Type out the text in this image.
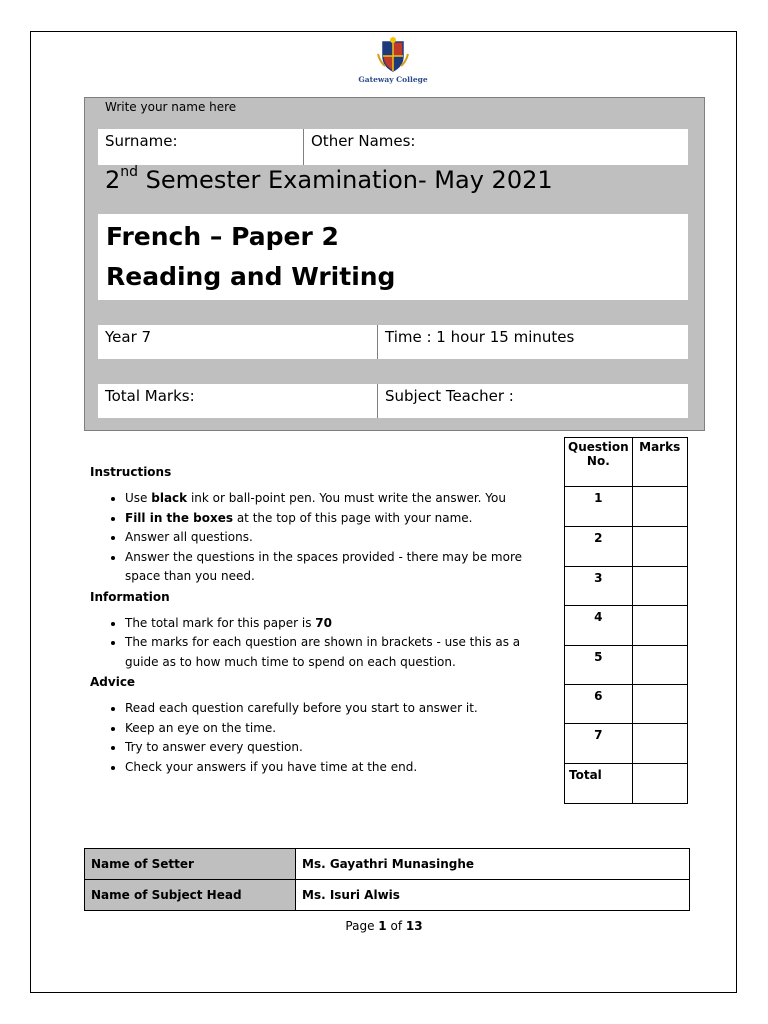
Gateway College
Write your name here
Surname:	Other Names:
2nd Semester Examination- May 2021
French – Paper 2
Reading and Writing
Year 7	Time : 1 hour 15 minutes
Total Marks:	Subject Teacher :
Instructions
• Use black ink or ball-point pen. You must write the answer. You
• Fill in the boxes at the top of this page with your name.
• Answer all questions.
• Answer the questions in the spaces provided - there may be more space than you need.
Information
• The total mark for this paper is 70
• The marks for each question are shown in brackets - use this as a guide as to how much time to spend on each question.
Advice
• Read each question carefully before you start to answer it.
• Keep an eye on the time.
• Try to answer every question.
• Check your answers if you have time at the end.
Question No.	Marks
1	
2	
3	
4	
5	
6	
7	
Total	
Name of Setter	Ms. Gayathri Munasinghe
Name of Subject Head	Ms. Isuri Alwis
Page 1 of 13
